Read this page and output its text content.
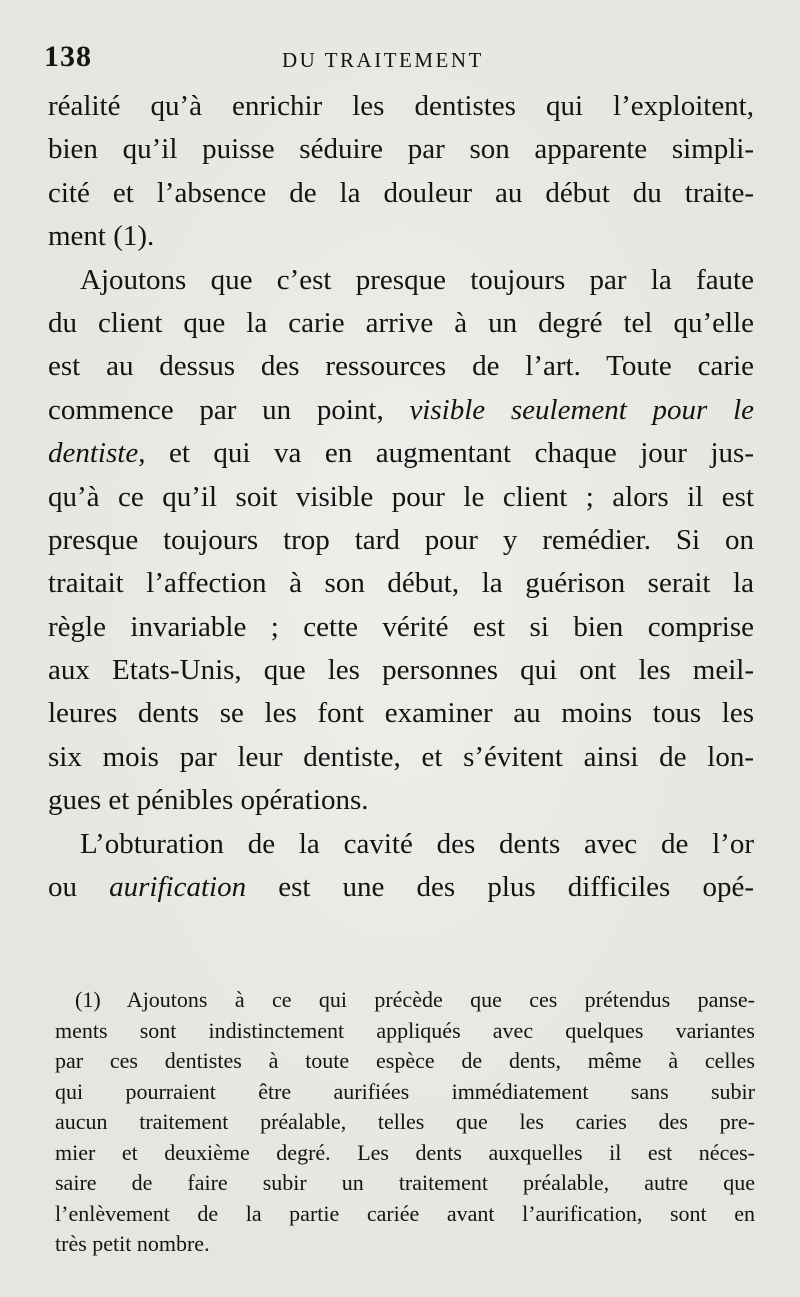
138	DU TRAITEMENT
réalité qu’à enrichir les dentistes qui l’exploitent,
bien qu’il puisse séduire par son apparente simpli-
cité et l’absence de la douleur au début du traite-
ment (1).
Ajoutons que c’est presque toujours par la faute
du client que la carie arrive à un degré tel qu’elle
est au dessus des ressources de l’art. Toute carie
commence par un point, visible seulement pour le
dentiste, et qui va en augmentant chaque jour jus-
qu’à ce qu’il soit visible pour le client ; alors il est
presque toujours trop tard pour y remédier. Si on
traitait l’affection à son début, la guérison serait la
règle invariable ; cette vérité est si bien comprise
aux Etats-Unis, que les personnes qui ont les meil-
leures dents se les font examiner au moins tous les
six mois par leur dentiste, et s’évitent ainsi de lon-
gues et pénibles opérations.
L’obturation de la cavité des dents avec de l’or
ou aurification est une des plus difficiles opé-
(1) Ajoutons à ce qui précède que ces prétendus panse-
ments sont indistinctement appliqués avec quelques variantes
par ces dentistes à toute espèce de dents, même à celles
qui pourraient être aurifiées immédiatement sans subir
aucun traitement préalable, telles que les caries des pre-
mier et deuxième degré. Les dents auxquelles il est néces-
saire de faire subir un traitement préalable, autre que
l’enlèvement de la partie cariée avant l’aurification, sont en
très petit nombre.
